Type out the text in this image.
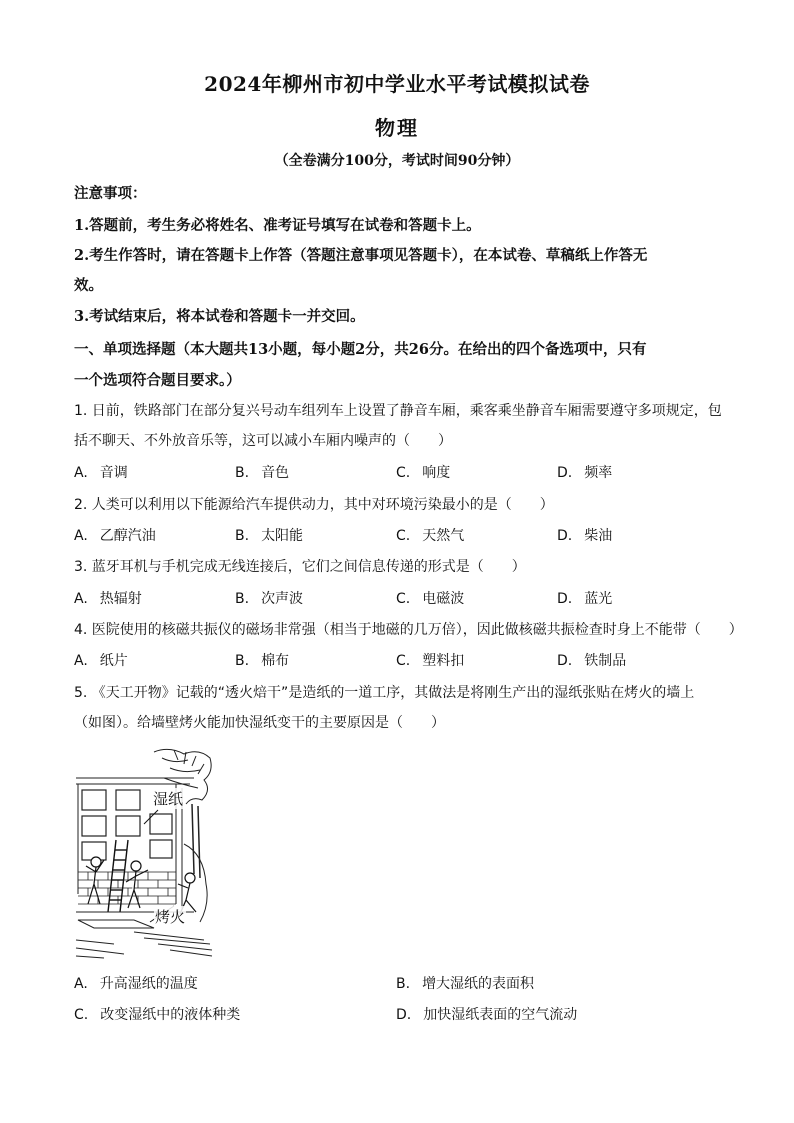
2024年柳州市初中学业水平考试模拟试卷
物理
（全卷满分100分，考试时间90分钟）
注意事项：
1.答题前，考生务必将姓名、准考证号填写在试卷和答题卡上。
2.考生作答时，请在答题卡上作答（答题注意事项见答题卡），在本试卷、草稿纸上作答无
效。
3.考试结束后，将本试卷和答题卡一并交回。
一、单项选择题（本大题共13小题，每小题2分，共26分。在给出的四个备选项中，只有
一个选项符合题目要求。）
1. 日前，铁路部门在部分复兴号动车组列车上设置了静音车厢，乘客乘坐静音车厢需要遵守多项规定，包
括不聊天、不外放音乐等，这可以减小车厢内噪声的（　　）
A. 音调	B. 音色	C. 响度	D. 频率
2. 人类可以利用以下能源给汽车提供动力，其中对环境污染最小的是（　　）
A. 乙醇汽油	B. 太阳能	C. 天然气	D. 柴油
3. 蓝牙耳机与手机完成无线连接后，它们之间信息传递的形式是（　　）
A. 热辐射	B. 次声波	C. 电磁波	D. 蓝光
4. 医院使用的核磁共振仪的磁场非常强（相当于地磁的几万倍），因此做核磁共振检查时身上不能带（　　）
A. 纸片	B. 棉布	C. 塑料扣	D. 铁制品
5. 《天工开物》记载的“透火焙干”是造纸的一道工序，其做法是将刚生产出的湿纸张贴在烤火的墙上
（如图）。给墙壁烤火能加快湿纸变干的主要原因是（　　）
湿纸
烤火
A. 升高湿纸的温度	B. 增大湿纸的表面积
C. 改变湿纸中的液体种类	D. 加快湿纸表面的空气流动
